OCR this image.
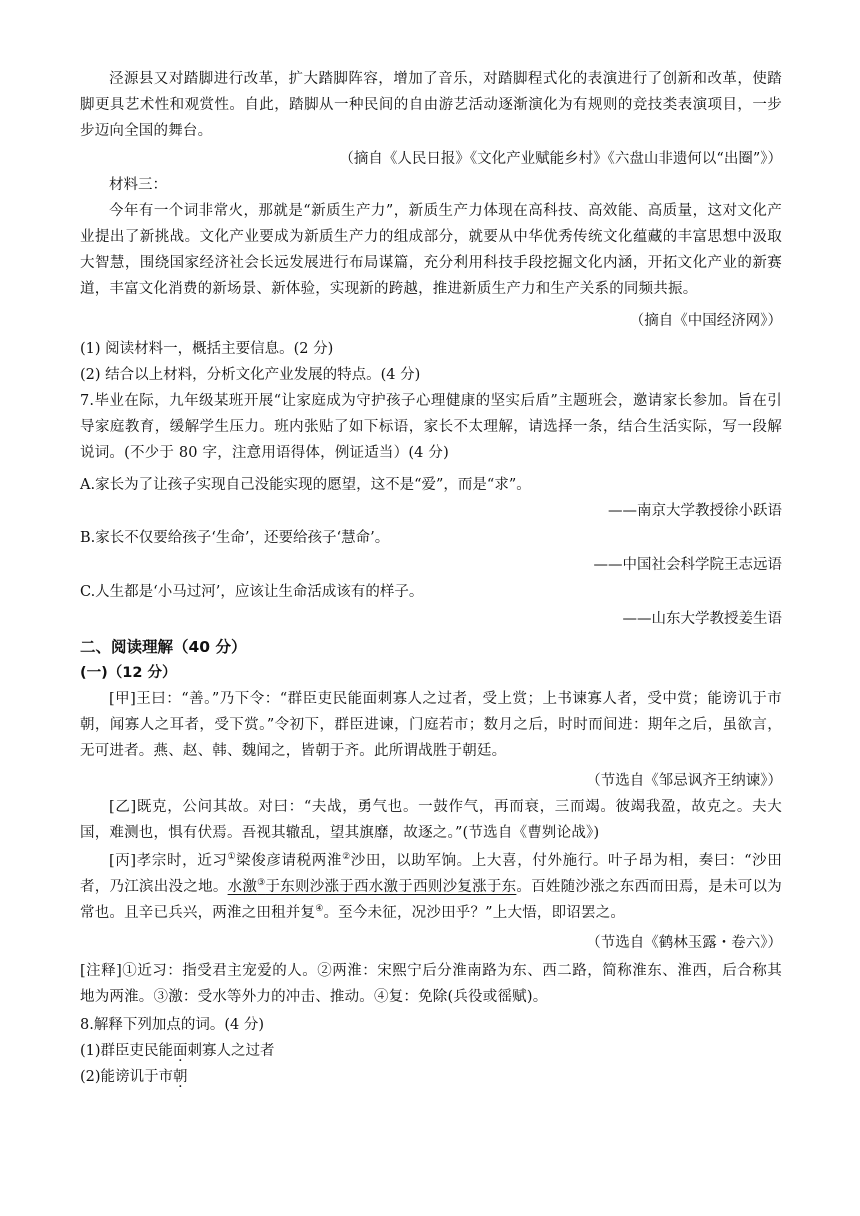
泾源县又对踏脚进行改革，扩大踏脚阵容，增加了音乐，对踏脚程式化的表演进行了创新和改革，使踏脚更具艺术性和观赏性。自此，踏脚从一种民间的自由游艺活动逐渐演化为有规则的竞技类表演项目，一步步迈向全国的舞台。
（摘自《人民日报》《文化产业赋能乡村》《六盘山非遗何以“出圈”》）
材料三：
今年有一个词非常火，那就是“新质生产力”，新质生产力体现在高科技、高效能、高质量，这对文化产业提出了新挑战。文化产业要成为新质生产力的组成部分，就要从中华优秀传统文化蕴藏的丰富思想中汲取大智慧，围绕国家经济社会长远发展进行布局谋篇，充分利用科技手段挖掘文化内涵，开拓文化产业的新赛道，丰富文化消费的新场景、新体验，实现新的跨越，推进新质生产力和生产关系的同频共振。
（摘自《中国经济网》）
(1) 阅读材料一，概括主要信息。(2 分)
(2) 结合以上材料，分析文化产业发展的特点。(4 分)
7.毕业在际，九年级某班开展“让家庭成为守护孩子心理健康的坚实后盾”主题班会，邀请家长参加。旨在引导家庭教育，缓解学生压力。班内张贴了如下标语，家长不太理解，请选择一条，结合生活实际，写一段解说词。(不少于 80 字，注意用语得体，例证适当）(4 分)
A.家长为了让孩子实现自己没能实现的愿望，这不是“爱”，而是“求”。
——南京大学教授徐小跃语
B.家长不仅要给孩子‘生命’，还要给孩子‘慧命’。
——中国社会科学院王志远语
C.人生都是‘小马过河’，应该让生命活成该有的样子。
——山东大学教授姜生语
二、阅读理解（40 分）
(一)（12 分）
[甲]王曰：“善。”乃下令：“群臣吏民能面刺寡人之过者，受上赏；上书谏寡人者，受中赏；能谤讥于市朝，闻寡人之耳者，受下赏。”令初下，群臣进谏，门庭若市；数月之后，时时而间进：期年之后，虽欲言，无可进者。燕、赵、韩、魏闻之，皆朝于齐。此所谓战胜于朝廷。
（节选自《邹忌讽齐王纳谏》）
[乙]既克，公问其故。对曰：“夫战，勇气也。一鼓作气，再而衰，三而竭。彼竭我盈，故克之。夫大国，难测也，惧有伏焉。吾视其辙乱，望其旗靡，故逐之。”(节选自《曹刿论战》)
[丙]孝宗时，近习①梁俊彦请税两淮②沙田，以助军饷。上大喜，付外施行。叶子昂为相，奏曰：“沙田者，乃江滨出没之地。水激③于东则沙涨于西水激于西则沙复涨于东。百姓随沙涨之东西而田焉，是未可以为常也。且辛已兵兴，两淮之田租并复④。至今未征，况沙田乎？”上大悟，即诏罢之。
（节选自《鹤林玉露・卷六》）
[注释]①近习：指受君主宠爱的人。②两淮：宋熙宁后分淮南路为东、西二路，简称淮东、淮西，后合称其地为两淮。③激：受水等外力的冲击、推动。④复：免除(兵役或徭赋)。
8.解释下列加点的词。(4 分)
(1)群臣吏民能面刺寡人之过者
(2)能谤讥于市朝
